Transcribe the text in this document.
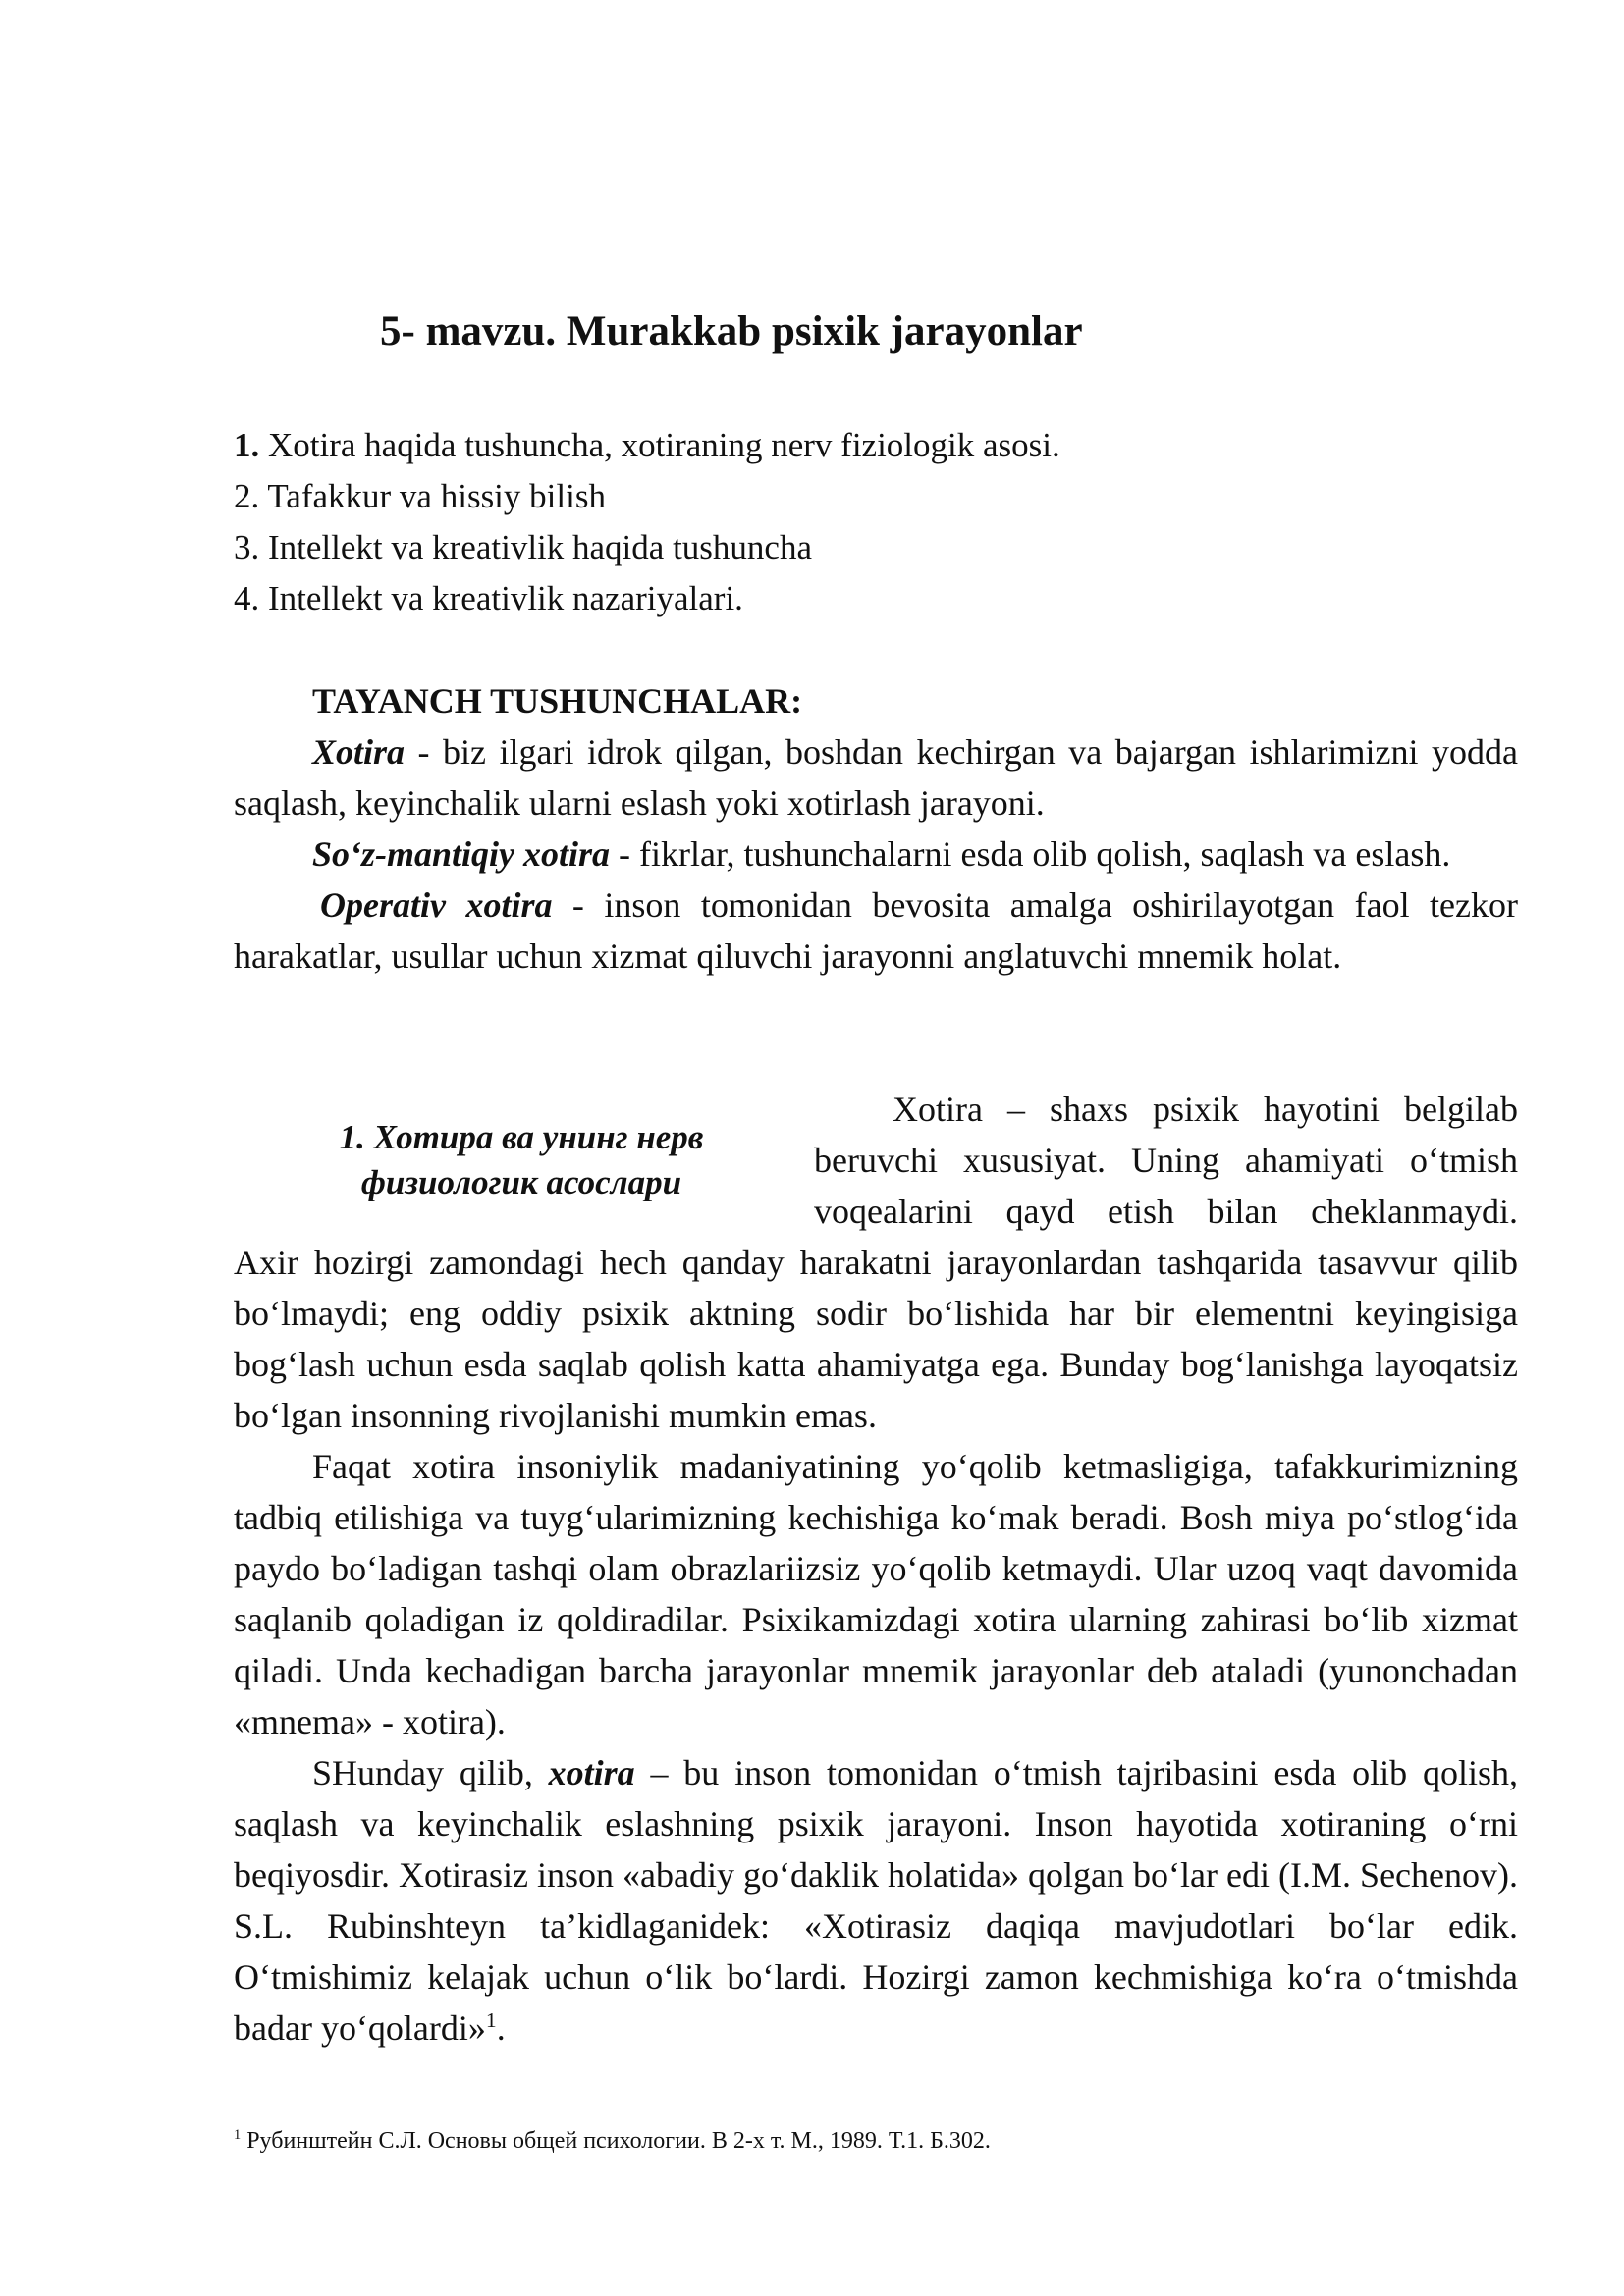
5- mavzu. Murakkab psixik jarayonlar
1. Xotira haqida tushuncha, xotiraning nerv fiziologik asosi.
2. Tafakkur va hissiy bilish
3. Intellekt va kreativlik haqida tushuncha
4. Intellekt va kreativlik nazariyalari.
TAYANCH TUSHUNCHALAR:

Xotira - biz ilgari idrok qilgan, boshdan kechirgan va bajargan ishlarimizni yodda saqlash, keyinchalik ularni eslash yoki xotirlash jarayoni.

So‘z-mantiqiy xotira - fikrlar, tushunchalarni esda olib qolish, saqlash va eslash.

Operativ xotira - inson tomonidan bevosita amalga oshirilayotgan faol tezkor harakatlar, usullar uchun xizmat qiluvchi jarayonni anglatuvchi mnemik holat.

1. Хотира ва унинг нерв
физиологик асослари

Xotira – shaxs psixik hayotini belgilab beruvchi xususiyat. Uning ahamiyati o‘tmish voqealarini qayd etish bilan cheklanmaydi.

Axir hozirgi zamondagi hech qanday harakatni jarayonlardan tashqarida tasavvur qilib bo‘lmaydi; eng oddiy psixik aktning sodir bo‘lishida har bir elementni keyingisiga bog‘lash uchun esda saqlab qolish katta ahamiyatga ega. Bunday bog‘lanishga layoqatsiz bo‘lgan insonning rivojlanishi mumkin emas.

Faqat xotira insoniylik madaniyatining yo‘qolib ketmasligiga, tafakkurimizning tadbiq etilishiga va tuyg‘ularimizning kechishiga ko‘mak beradi. Bosh miya po‘stlog‘ida paydo bo‘ladigan tashqi olam obrazlariizsiz yo‘qolib ketmaydi. Ular uzoq vaqt davomida saqlanib qoladigan iz qoldiradilar. Psixikamizdagi xotira ularning zahirasi bo‘lib xizmat qiladi. Unda kechadigan barcha jarayonlar mnemik jarayonlar deb ataladi (yunonchadan «mnema» - xotira).

SHunday qilib, xotira – bu inson tomonidan o‘tmish tajribasini esda olib qolish, saqlash va keyinchalik eslashning psixik jarayoni. Inson hayotida xotiraning o‘rni beqiyosdir. Xotirasiz inson «abadiy go‘daklik holatida» qolgan bo‘lar edi (I.M. Sechenov). S.L. Rubinshteyn ta’kidlaganidek: «Xotirasiz daqiqa mavjudotlari bo‘lar edik. O‘tmishimiz kelajak uchun o‘lik bo‘lardi. Hozirgi zamon kechmishiga ko‘ra o‘tmishda badar yo‘qolardi»$^1$.

$^1$ Рубинштейн С.Л. Основы общей психологии. В 2-х т. М., 1989. Т.1. Б.302.
